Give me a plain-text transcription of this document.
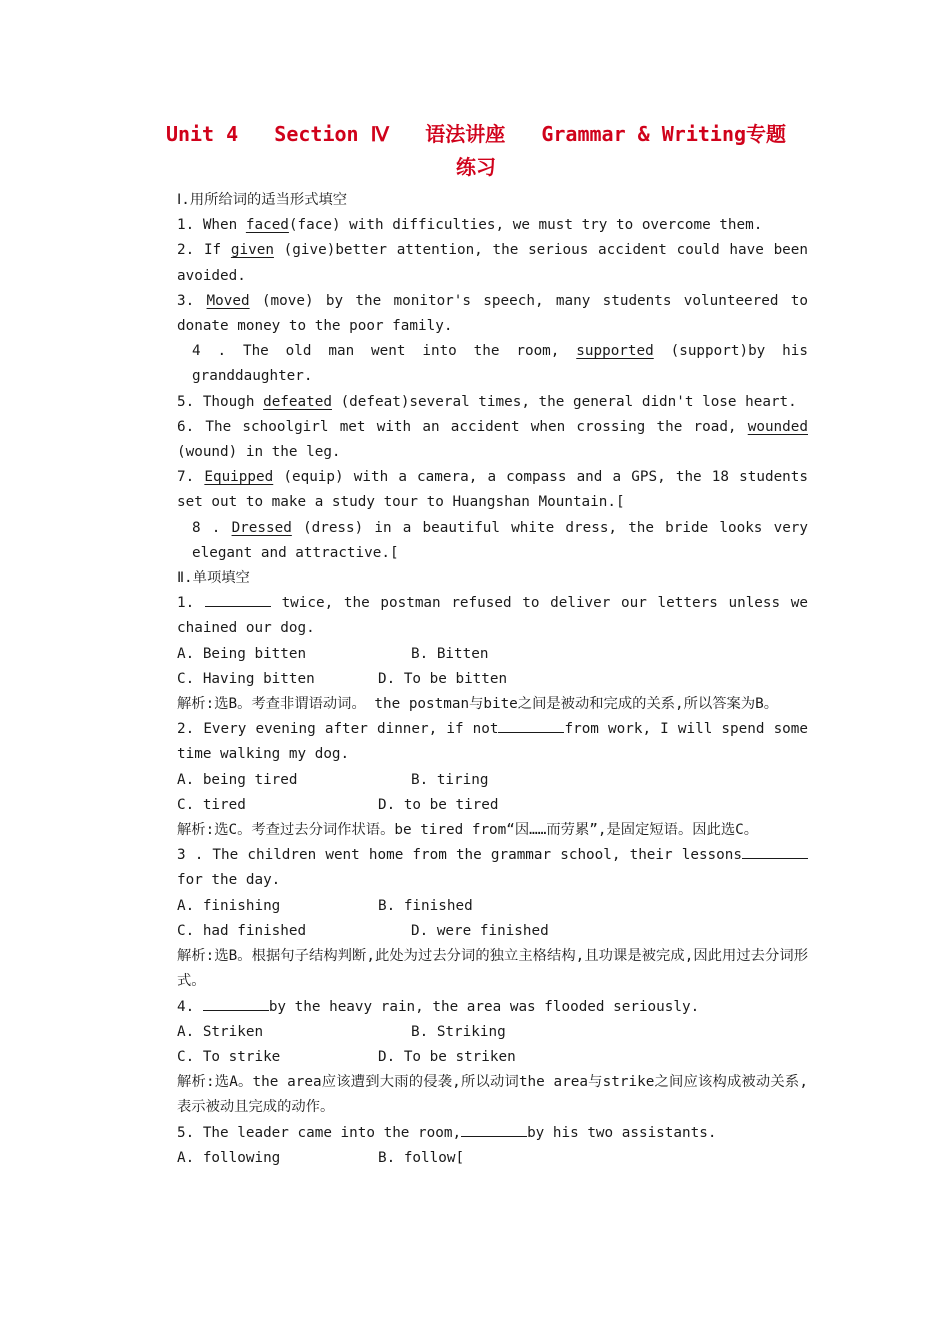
Unit 4   Section Ⅳ   语法讲座   Grammar & Writing专题
练习

Ⅰ.用所给词的适当形式填空

1. When faced(face) with difficulties, we must try to overcome them.

2. If given (give)better attention, the serious accident could have been avoided.

3. Moved (move) by the monitor's speech, many students volunteered to donate money to the poor family.

4 . The old man went into the room, supported (support)by his granddaughter.

5. Though defeated (defeat)several times, the general didn't lose heart.

6. The schoolgirl met with an accident when crossing the road, wounded (wound) in the leg.

7. Equipped (equip) with a camera, a compass and a GPS, the 18 students set out to make a study tour to Huangshan Mountain.[

8 . Dressed (dress) in a beautiful white dress, the bride looks very elegant and attractive.[

Ⅱ.单项填空

1.	twice, the postman refused to deliver our letters unless we chained our dog.

A. Being bitten	B. Bitten
C. Having bitten	D. To be bitten

解析:选B。考查非谓语动词。 the postman与bite之间是被动和完成的关系,所以答案为B。

2. Every evening after dinner, if not	from work, I will spend some time walking my dog.

A. being tired	B. tiring
C. tired	D. to be tired

解析:选C。考查过去分词作状语。be tired from“因……而劳累”,是固定短语。因此选C。

3 . The children went home from the grammar school, their lessonsfor the day.

A. finishing	B. finished
C. had finished	D. were finished

解析:选B。根据句子结构判断,此处为过去分词的独立主格结构,且功课是被完成,因此用过去分词形式。

4.	by the heavy rain, the area was flooded seriously.

A. Striken	B. Striking
C. To strike	D. To be striken

解析:选A。the area应该遭到大雨的侵袭,所以动词the area与strike之间应该构成被动关系,表示被动且完成的动作。

5. The leader came into the room,	by his two assistants.

A. following	B. follow[
